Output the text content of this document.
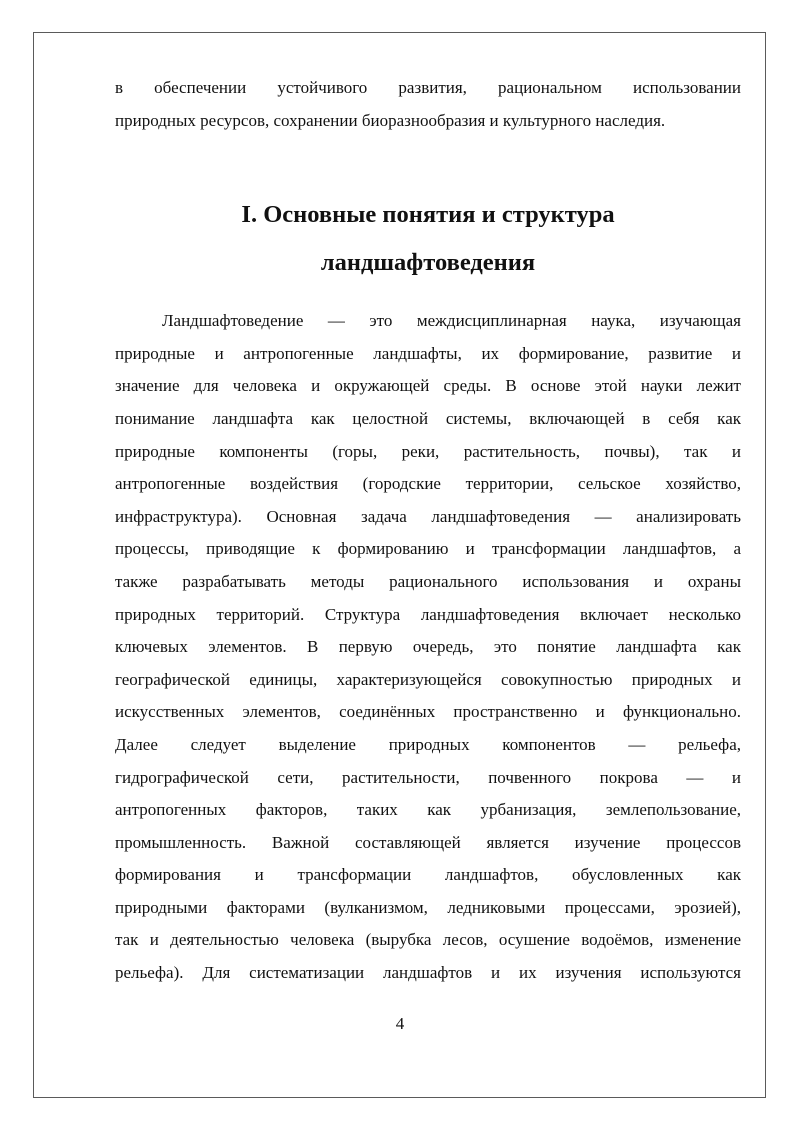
в обеспечении устойчивого развития, рациональном использовании
природных ресурсов, сохранении биоразнообразия и культурного наследия.

I. Основные понятия и структура
ландшафтоведения

Ландшафтоведение — это междисциплинарная наука, изучающая
природные и антропогенные ландшафты, их формирование, развитие и
значение для человека и окружающей среды. В основе этой науки лежит
понимание ландшафта как целостной системы, включающей в себя как
природные компоненты (горы, реки, растительность, почвы), так и
антропогенные воздействия (городские территории, сельское хозяйство,
инфраструктура). Основная задача ландшафтоведения — анализировать
процессы, приводящие к формированию и трансформации ландшафтов, а
также разрабатывать методы рационального использования и охраны
природных территорий. Структура ландшафтоведения включает несколько
ключевых элементов. В первую очередь, это понятие ландшафта как
географической единицы, характеризующейся совокупностью природных и
искусственных элементов, соединённых пространственно и функционально.
Далее следует выделение природных компонентов — рельефа,
гидрографической сети, растительности, почвенного покрова — и
антропогенных факторов, таких как урбанизация, землепользование,
промышленность. Важной составляющей является изучение процессов
формирования и трансформации ландшафтов, обусловленных как
природными факторами (вулканизмом, ледниковыми процессами, эрозией),
так и деятельностью человека (вырубка лесов, осушение водоёмов, изменение
рельефа). Для систематизации ландшафтов и их изучения используются

4
